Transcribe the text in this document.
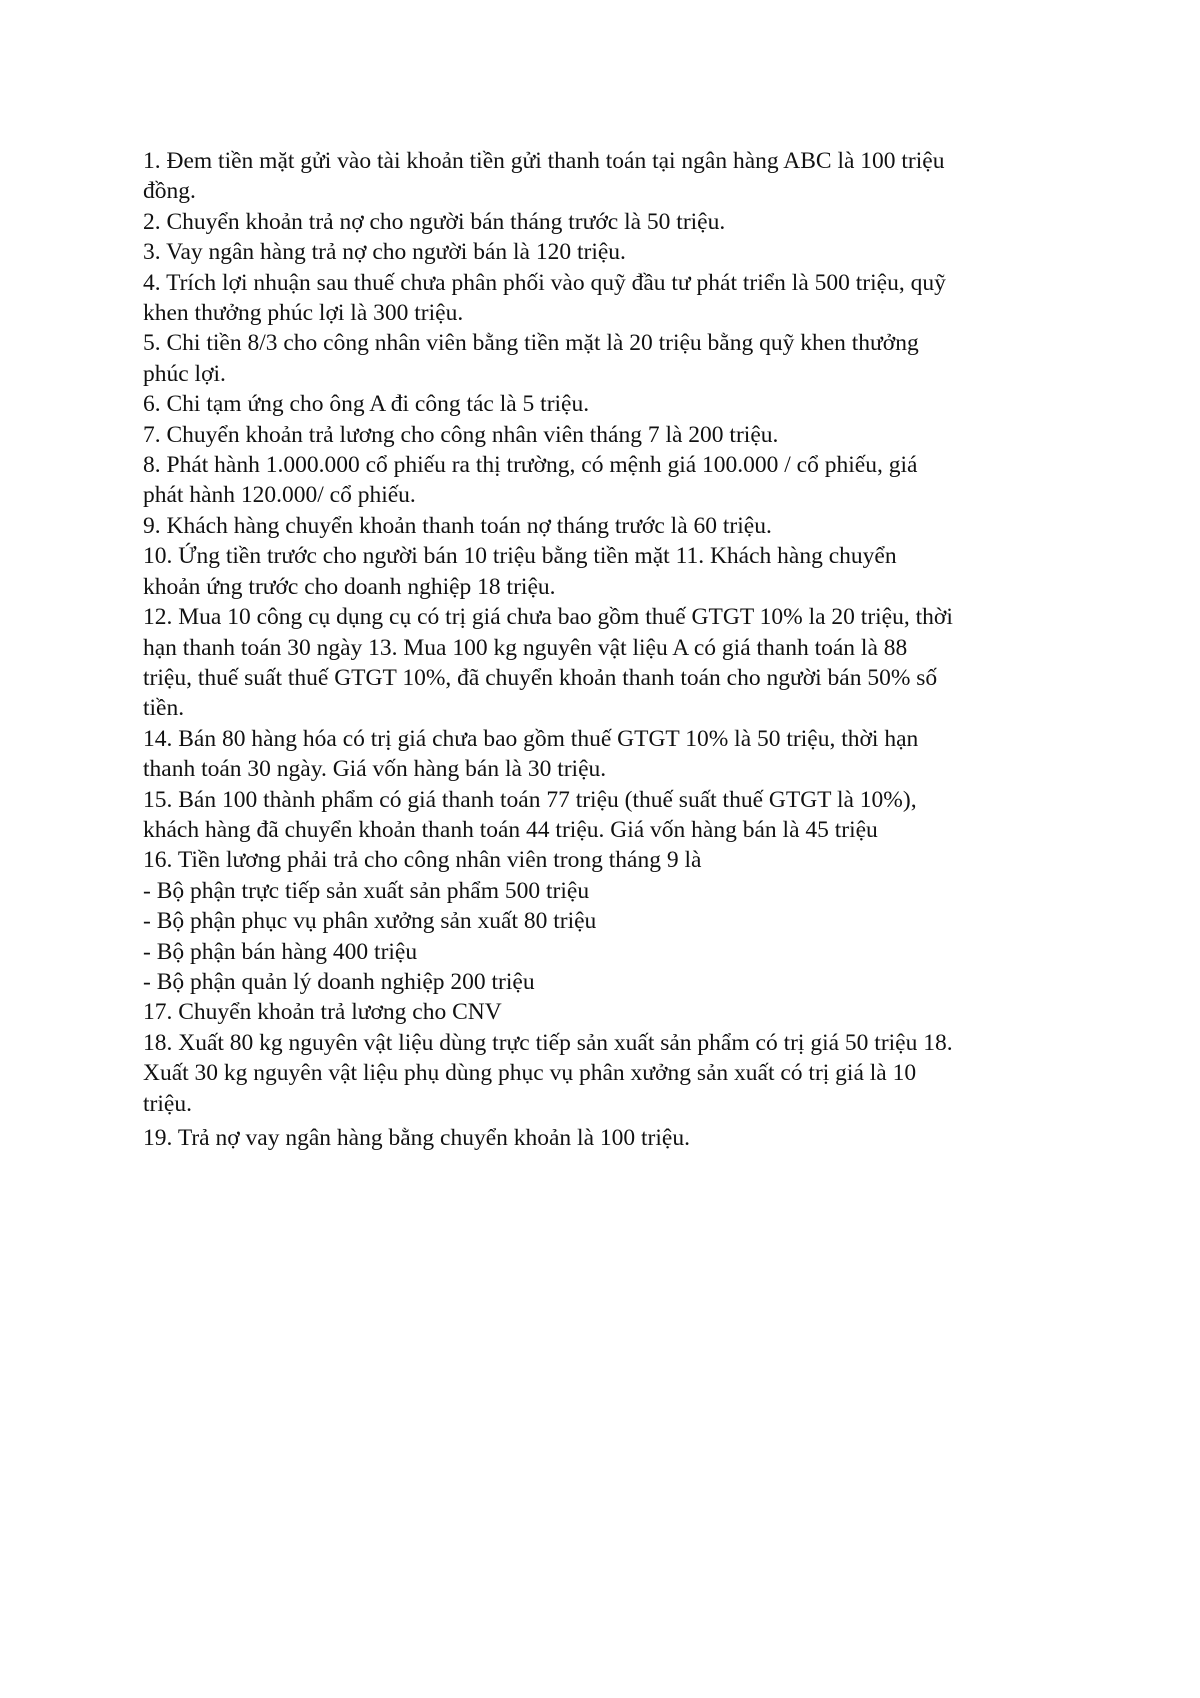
1. Đem tiền mặt gửi vào tài khoản tiền gửi thanh toán tại ngân hàng ABC là 100 triệu

đồng.

2. Chuyển khoản trả nợ cho người bán tháng trước là 50 triệu.

3. Vay ngân hàng trả nợ cho người bán là 120 triệu.

4. Trích lợi nhuận sau thuế chưa phân phối vào quỹ đầu tư phát triển là 500 triệu, quỹ

khen thưởng phúc lợi là 300 triệu.

5. Chi tiền 8/3 cho công nhân viên bằng tiền mặt là 20 triệu bằng quỹ khen thưởng

phúc lợi.

6. Chi tạm ứng cho ông A đi công tác là 5 triệu.

7. Chuyển khoản trả lương cho công nhân viên tháng 7 là 200 triệu.

8. Phát hành 1.000.000 cổ phiếu ra thị trường, có mệnh giá 100.000 / cổ phiếu, giá

phát hành 120.000/ cổ phiếu.

9. Khách hàng chuyển khoản thanh toán nợ tháng trước là 60 triệu.

10. Ứng tiền trước cho người bán 10 triệu bằng tiền mặt 11. Khách hàng chuyển

khoản ứng trước cho doanh nghiệp 18 triệu.

12. Mua 10 công cụ dụng cụ có trị giá chưa bao gồm thuế GTGT 10% la 20 triệu, thời

hạn thanh toán 30 ngày 13. Mua 100 kg nguyên vật liệu A có giá thanh toán là 88

triệu, thuế suất thuế GTGT 10%, đã chuyển khoản thanh toán cho người bán 50% số

tiền.

14. Bán 80 hàng hóa có trị giá chưa bao gồm thuế GTGT 10% là 50 triệu, thời hạn

thanh toán 30 ngày. Giá vốn hàng bán là 30 triệu.

15. Bán 100 thành phẩm có giá thanh toán 77 triệu (thuế suất thuế GTGT là 10%),

khách hàng đã chuyển khoản thanh toán 44 triệu. Giá vốn hàng bán là 45 triệu

16. Tiền lương phải trả cho công nhân viên trong tháng 9 là

- Bộ phận trực tiếp sản xuất sản phẩm 500 triệu

- Bộ phận phục vụ phân xưởng sản xuất 80 triệu

- Bộ phận bán hàng 400 triệu

- Bộ phận quản lý doanh nghiệp 200 triệu

17. Chuyển khoản trả lương cho CNV

18. Xuất 80 kg nguyên vật liệu dùng trực tiếp sản xuất sản phẩm có trị giá 50 triệu 18.

Xuất 30 kg nguyên vật liệu phụ dùng phục vụ phân xưởng sản xuất có trị giá là 10

triệu.

19. Trả nợ vay ngân hàng bằng chuyển khoản là 100 triệu.
